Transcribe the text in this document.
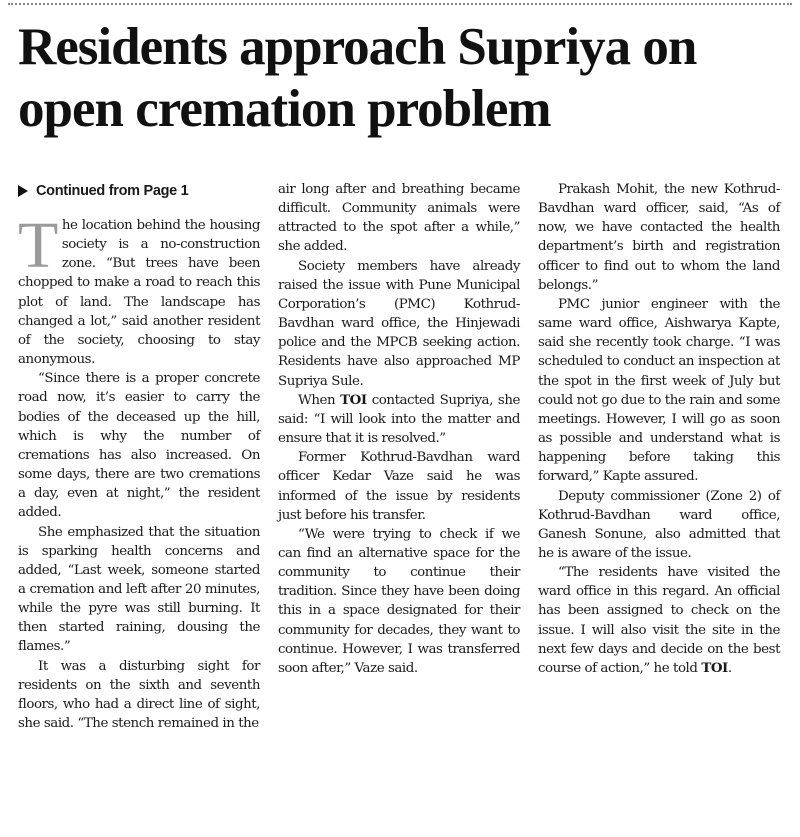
Residents approach Supriya on open cremation problem
Continued from Page 1

The location behind the housing society is a no-construction zone. “But trees have been chopped to make a road to reach this plot of land. The landscape has changed a lot,” said another resident of the society, choosing to stay anonymous.

“Since there is a proper concrete road now, it’s easier to carry the bodies of the deceased up the hill, which is why the number of cremations has also increased. On some days, there are two cremations a day, even at night,” the resident added.

She emphasized that the situation is sparking health concerns and added, “Last week, someone started a cremation and left after 20 minutes, while the pyre was still burning. It then started raining, dousing the flames.”

It was a disturbing sight for residents on the sixth and seventh floors, who had a direct line of sight, she said. “The stench remained in the

air long after and breathing became difficult. Community animals were attracted to the spot after a while,” she added.

Society members have already raised the issue with Pune Municipal Corporation’s (PMC) Kothrud-Bavdhan ward office, the Hinjewadi police and the MPCB seeking action. Residents have also approached MP Supriya Sule.

When TOI contacted Supriya, she said: “I will look into the matter and ensure that it is resolved.”

Former Kothrud-Bavdhan ward officer Kedar Vaze said he was informed of the issue by residents just before his transfer.

“We were trying to check if we can find an alternative space for the community to continue their tradition. Since they have been doing this in a space designated for their community for decades, they want to continue. However, I was transferred soon after,” Vaze said.

Prakash Mohit, the new Kothrud-Bavdhan ward officer, said, “As of now, we have contacted the health department’s birth and registration officer to find out to whom the land belongs.”

PMC junior engineer with the same ward office, Aishwarya Kapte, said she recently took charge. “I was scheduled to conduct an inspection at the spot in the first week of July but could not go due to the rain and some meetings. However, I will go as soon as possible and understand what is happening before taking this forward,” Kapte assured.

Deputy commissioner (Zone 2) of Kothrud-Bavdhan ward office, Ganesh Sonune, also admitted that he is aware of the issue.

“The residents have visited the ward office in this regard. An official has been assigned to check on the issue. I will also visit the site in the next few days and decide on the best course of action,” he told TOI.
